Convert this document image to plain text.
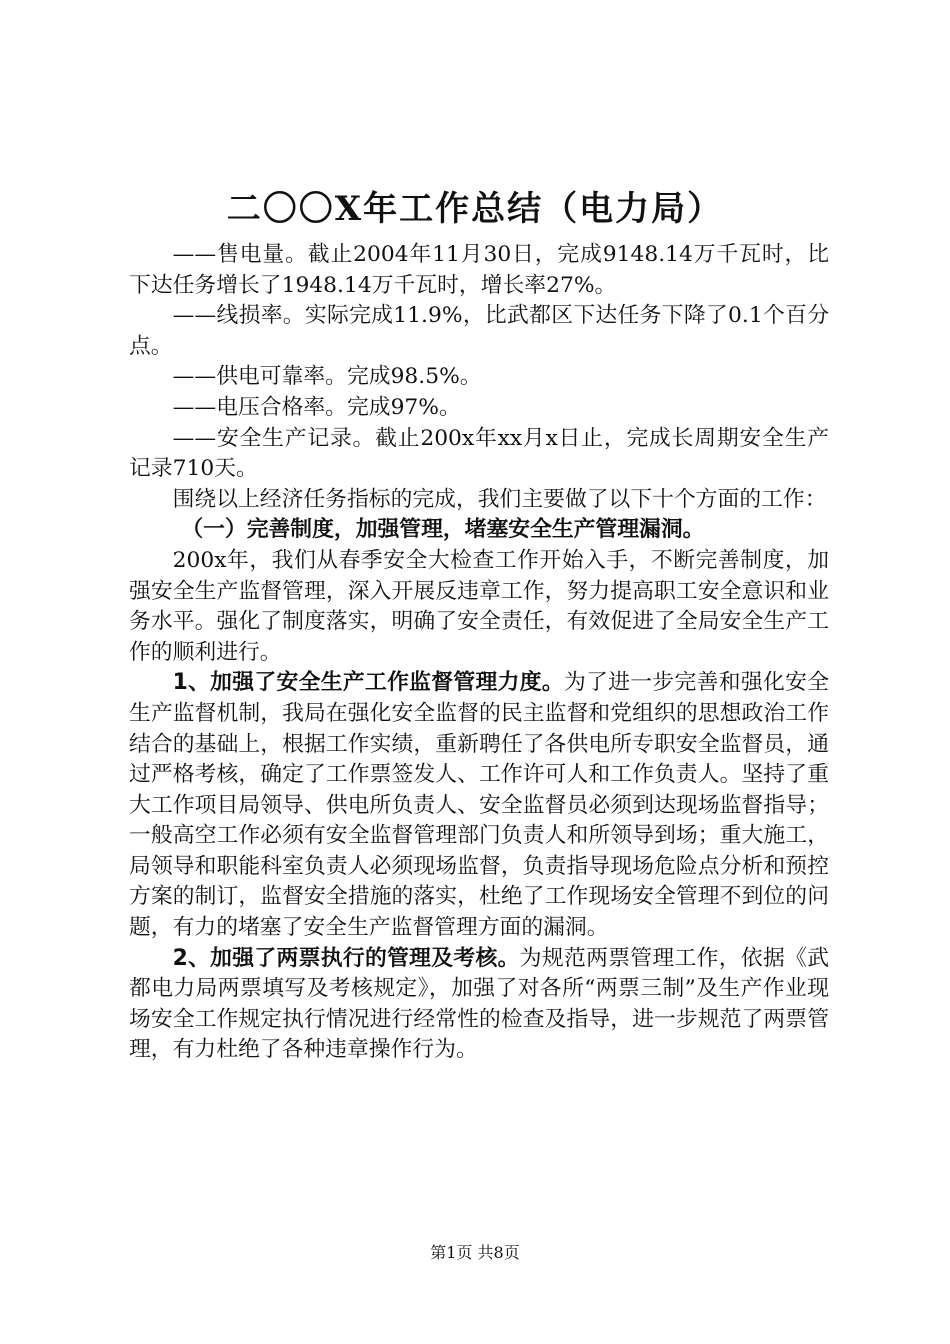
二〇〇X年工作总结（电力局）

——售电量。截止2004年11月30日，完成9148.14万千瓦时，比下达任务增长了1948.14万千瓦时，增长率27%。

——线损率。实际完成11.9%，比武都区下达任务下降了0.1个百分点。

——供电可靠率。完成98.5%。

——电压合格率。完成97%。

——安全生产记录。截止200x年xx月x日止，完成长周期安全生产记录710天。

围绕以上经济任务指标的完成，我们主要做了以下十个方面的工作：

（一）完善制度，加强管理，堵塞安全生产管理漏洞。

200x年，我们从春季安全大检查工作开始入手，不断完善制度，加强安全生产监督管理，深入开展反违章工作，努力提高职工安全意识和业务水平。强化了制度落实，明确了安全责任，有效促进了全局安全生产工作的顺利进行。

1、加强了安全生产工作监督管理力度。为了进一步完善和强化安全生产监督机制，我局在强化安全监督的民主监督和党组织的思想政治工作结合的基础上，根据工作实绩，重新聘任了各供电所专职安全监督员，通过严格考核，确定了工作票签发人、工作许可人和工作负责人。坚持了重大工作项目局领导、供电所负责人、安全监督员必须到达现场监督指导；一般高空工作必须有安全监督管理部门负责人和所领导到场；重大施工，局领导和职能科室负责人必须现场监督，负责指导现场危险点分析和预控方案的制订，监督安全措施的落实，杜绝了工作现场安全管理不到位的问题，有力的堵塞了安全生产监督管理方面的漏洞。

2、加强了两票执行的管理及考核。为规范两票管理工作，依据《武都电力局两票填写及考核规定》，加强了对各所“两票三制”及生产作业现场安全工作规定执行情况进行经常性的检查及指导，进一步规范了两票管理，有力杜绝了各种违章操作行为。

第1页 共8页
